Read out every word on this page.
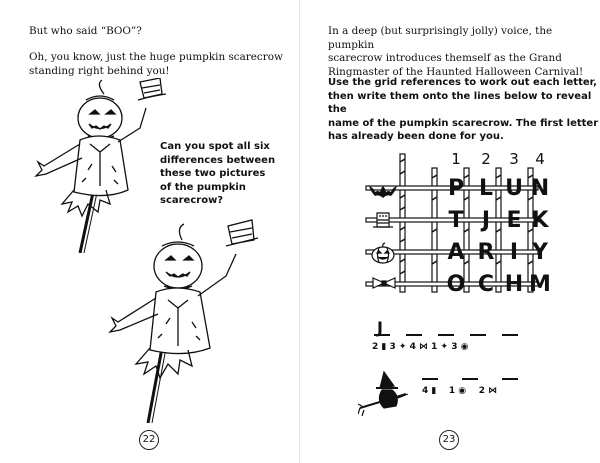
But who said “BOO”?
Oh, you know, just the huge pumpkin scarecrow
standing right behind you!
Can you spot all six
differences between
these two pictures
of the pumpkin
scarecrow?
22
In a deep (but surprisingly jolly) voice, the pumpkin
scarecrow introduces themself as the Grand
Ringmaster of the Haunted Halloween Carnival!
Use the grid references to work out each letter,
then write them onto the lines below to reveal the
name of the pumpkin scarecrow. The first letter
has already been done for you.
1	2	3	4
P L U N
T J E K
A R I Y
O C H M
J
2 ▮ 3 ✦ 4 ⋈ 1 ✦ 3 ◉
4 ▮    1 ◉    2 ⋈
23
